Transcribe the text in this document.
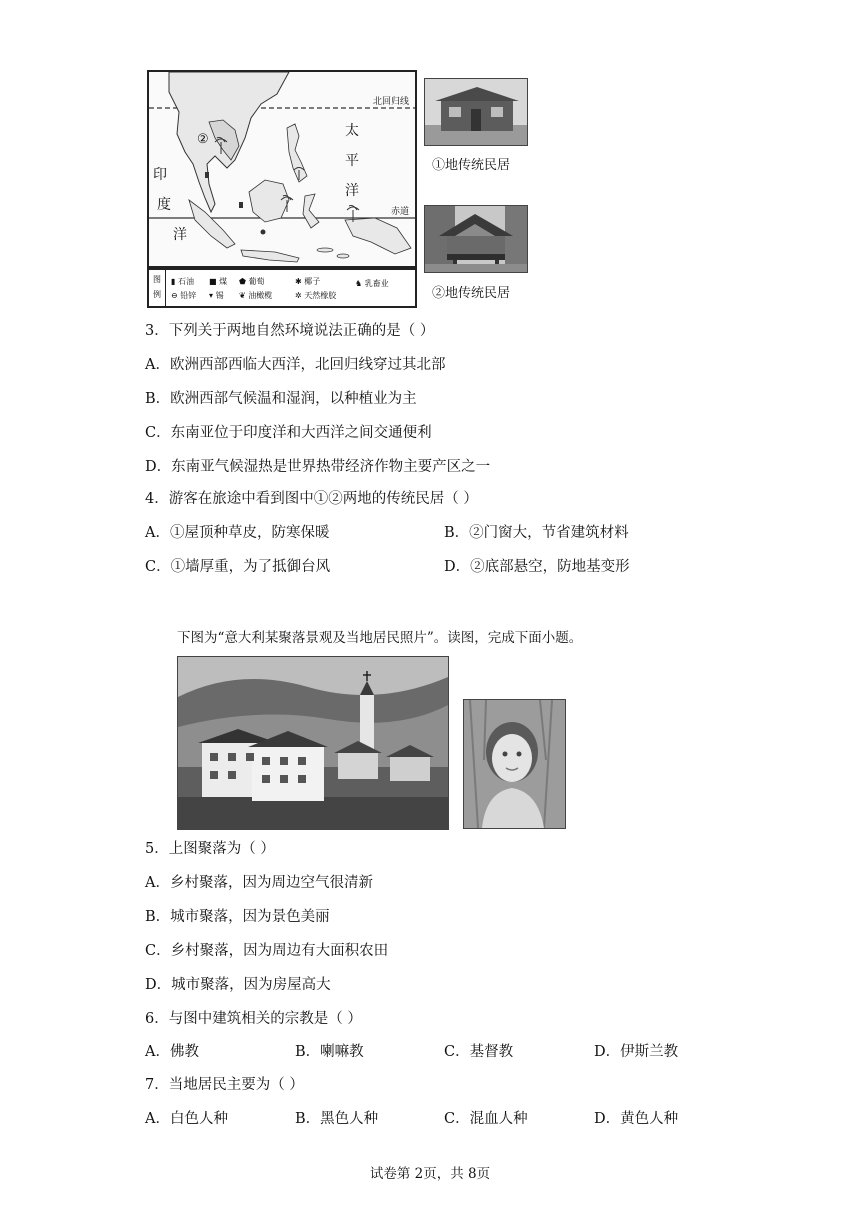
北回归线
赤道
太
平
洋
印
度
洋
②
图
例
▮ 石油 ■ 煤 ⬟ 葡萄	✱ 椰子	♞ 乳畜业
⊖ 铅锌 ▾ 锡 ❦ 油橄榄	✲ 天然橡胶
①地传统民居
②地传统民居
3．下列关于两地自然环境说法正确的是（ ）
A．欧洲西部西临大西洋，北回归线穿过其北部
B．欧洲西部气候温和湿润，以种植业为主
C．东南亚位于印度洋和大西洋之间交通便利
D．东南亚气候湿热是世界热带经济作物主要产区之一
4．游客在旅途中看到图中①②两地的传统民居（ ）
A．①屋顶种草皮，防寒保暖	B．②门窗大，节省建筑材料
C．①墙厚重，为了抵御台风	D．②底部悬空，防地基变形
下图为“意大利某聚落景观及当地居民照片”。读图，完成下面小题。
5．上图聚落为（ ）
A．乡村聚落，因为周边空气很清新
B．城市聚落，因为景色美丽
C．乡村聚落，因为周边有大面积农田
D．城市聚落，因为房屋高大
6．与图中建筑相关的宗教是（ ）
A．佛教	B．喇嘛教	C．基督教	D．伊斯兰教
7．当地居民主要为（ ）
A．白色人种	B．黑色人种	C．混血人种	D．黄色人种
试卷第 2页，共 8页
